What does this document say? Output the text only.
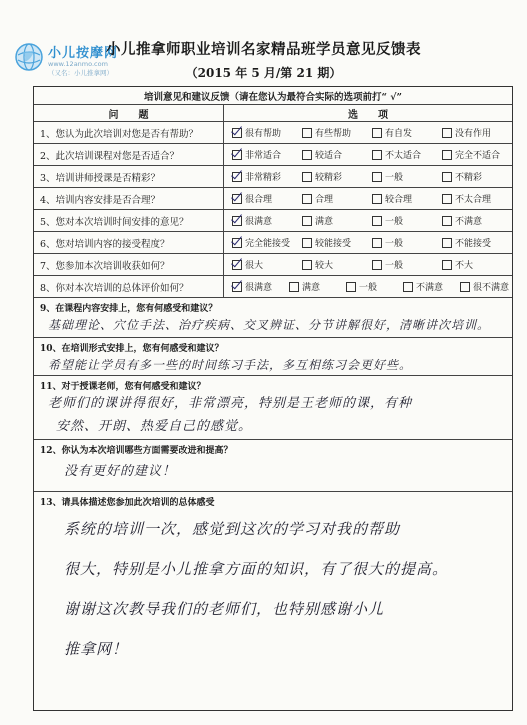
小儿按摩网
www.12anmo.com
（又名：小儿推拿网）
小儿推拿师职业培训名家精品班学员意见反馈表
（2015 年 5 月/第 21 期）
培训意见和建议反馈（请在您认为最符合实际的选项前打“ √”
问　　题	选　　项
1、您认为此次培训对您是否有帮助？	很有帮助	有些帮助	有自发	没有作用
2、此次培训课程对您是否适合？	非常适合	较适合	不太适合	完全不适合
3、培训讲师授课是否精彩？	非常精彩	较精彩	一般	不精彩
4、培训内容安排是否合理？	很合理	合理	较合理	不太合理
5、您对本次培训时间安排的意见？	很满意	满意	一般	不满意
6、您对培训内容的接受程度？	完全能接受	较能接受	一般	不能接受
7、您参加本次培训收获如何？	很大	较大	一般	不大
8、你对本次培训的总体评价如何？	很满意	满意	一般	不满意	很不满意
9、在课程内容安排上，您有何感受和建议？
基础理论、穴位手法、治疗疾病、交叉辨证、分节讲解很好，清晰讲次培训。
10、在培训形式安排上，您有何感受和建议？
希望能让学员有多一些的时间练习手法，多互相练习会更好些。
11、对于授课老师，您有何感受和建议？
老师们的课讲得很好，非常漂亮，特别是王老师的课，有种
安然、开朗、热爱自己的感觉。
12、你认为本次培训哪些方面需要改进和提高？
没有更好的建议！
13、请具体描述您参加此次培训的总体感受
系统的培训一次，感觉到这次的学习对我的帮助
很大，特别是小儿推拿方面的知识，有了很大的提高。
谢谢这次教导我们的老师们，也特别感谢小儿
推拿网！
